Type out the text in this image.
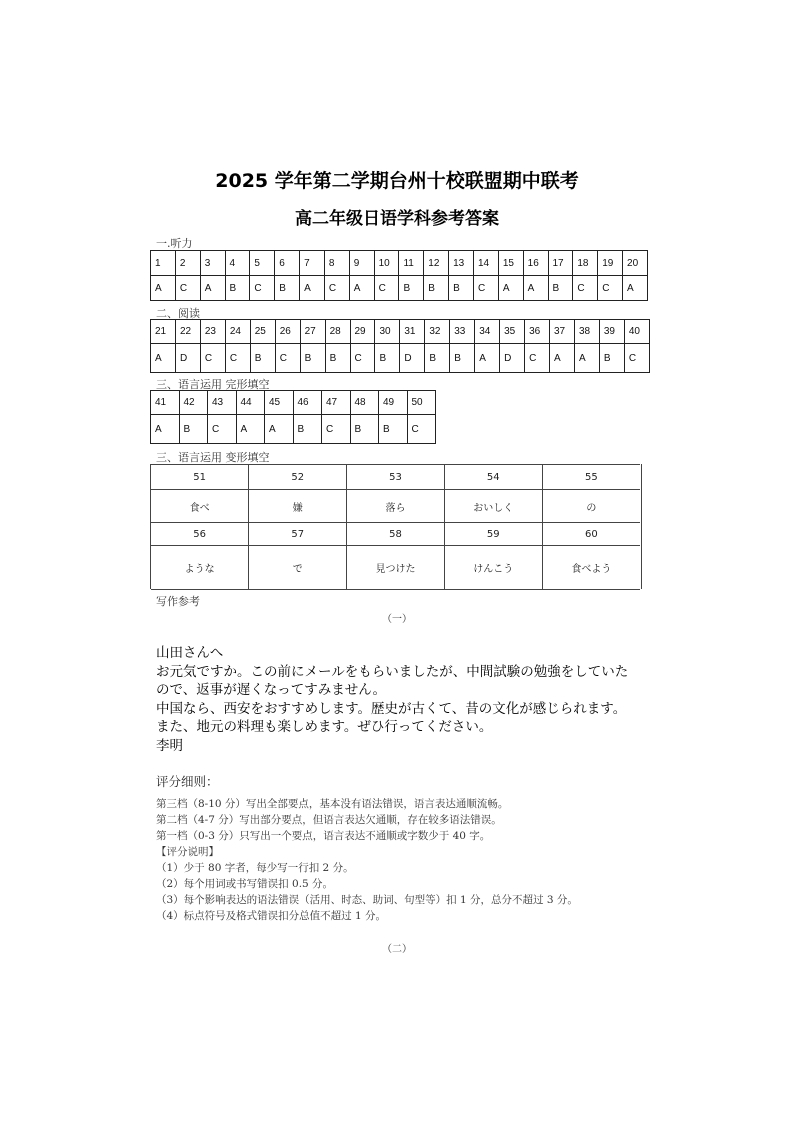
2025 学年第二学期台州十校联盟期中联考
高二年级日语学科参考答案
一.听力
1	2	3	4	5	6	7	8	9	10	11	12	13	14	15	16	17	18	19	20
A	C	A	B	C	B	A	C	A	C	B	B	B	C	A	A	B	C	C	A
二、阅读
21	22	23	24	25	26	27	28	29	30	31	32	33	34	35	36	37	38	39	40
A	D	C	C	B	C	B	B	C	B	D	B	B	A	D	C	A	A	B	C
三、语言运用 完形填空
41	42	43	44	45	46	47	48	49	50
A	B	C	A	A	B	C	B	B	C
三、语言运用 变形填空
51	52	53	54	55
食べ	嫌	落ら	おいしく	の
56	57	58	59	60
ような	で	見つけた	けんこう	食べよう
写作参考
（一）
山田さんへ
お元気ですか。この前にメールをもらいましたが、中間試験の勉強をしていた
ので、返事が遅くなってすみません。
中国なら、西安をおすすめします。歴史が古くて、昔の文化が感じられます。
また、地元の料理も楽しめます。ぜひ行ってください。
李明
评分细则：
第三档（8-10 分）写出全部要点，基本没有语法错误，语言表达通顺流畅。
第二档（4-7 分）写出部分要点，但语言表达欠通顺，存在较多语法错误。
第一档（0-3 分）只写出一个要点，语言表达不通顺或字数少于 40 字。
【评分说明】
（1）少于 80 字者，每少写一行扣 2 分。
（2）每个用词或书写错误扣 0.5 分。
（3）每个影响表达的语法错误（活用、时态、助词、句型等）扣 1 分，总分不超过 3 分。
（4）标点符号及格式错误扣分总值不超过 1 分。
（二）
